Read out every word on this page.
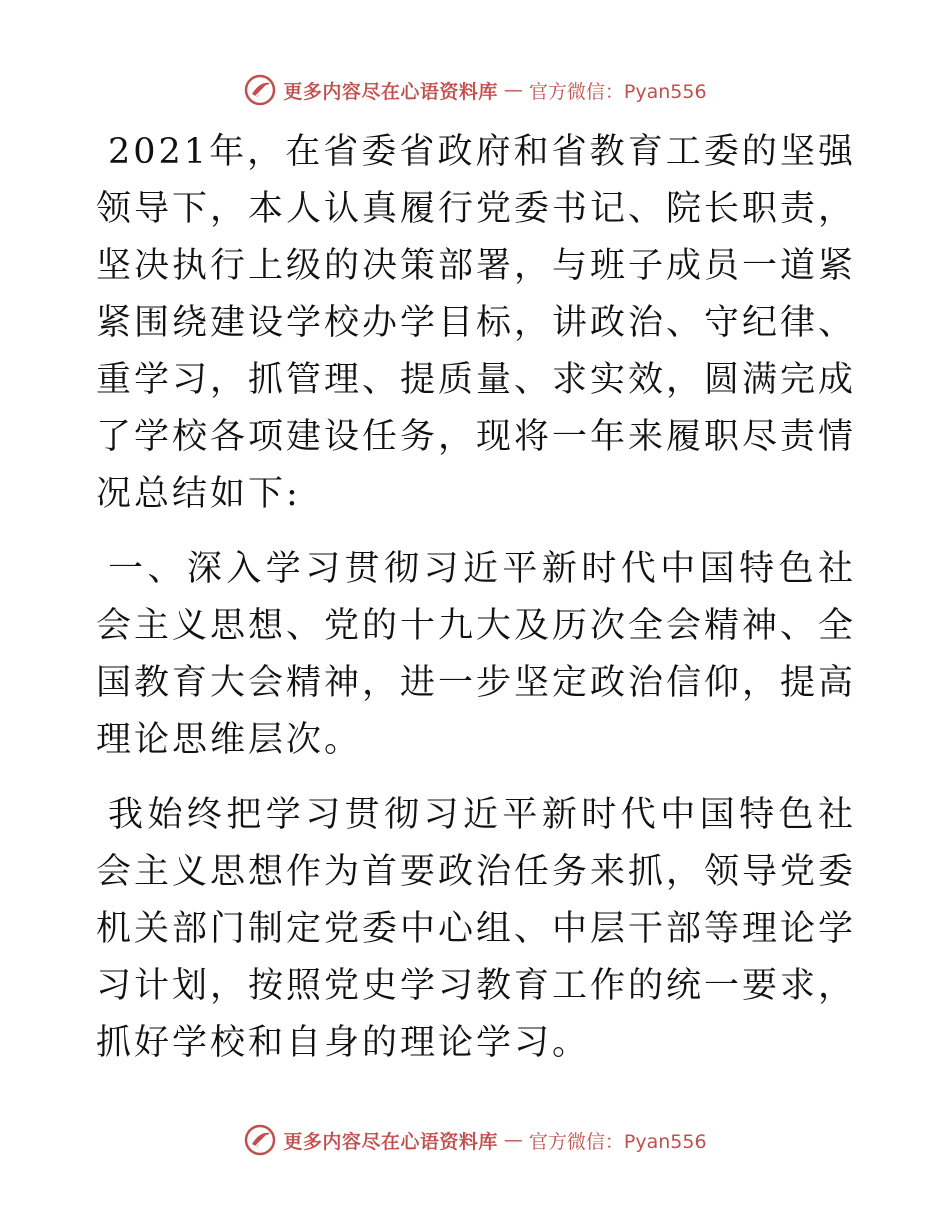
更多内容尽在心语资料库 — 官方微信：Pyan556

2021年，在省委省政府和省教育工委的坚强领导下，本人认真履行党委书记、院长职责，坚决执行上级的决策部署，与班子成员一道紧紧围绕建设学校办学目标，讲政治、守纪律、重学习，抓管理、提质量、求实效，圆满完成了学校各项建设任务，现将一年来履职尽责情况总结如下:

一、深入学习贯彻习近平新时代中国特色社会主义思想、党的十九大及历次全会精神、全国教育大会精神，进一步坚定政治信仰，提高理论思维层次。

我始终把学习贯彻习近平新时代中国特色社会主义思想作为首要政治任务来抓，领导党委机关部门制定党委中心组、中层干部等理论学习计划，按照党史学习教育工作的统一要求，抓好学校和自身的理论学习。

更多内容尽在心语资料库 — 官方微信：Pyan556
